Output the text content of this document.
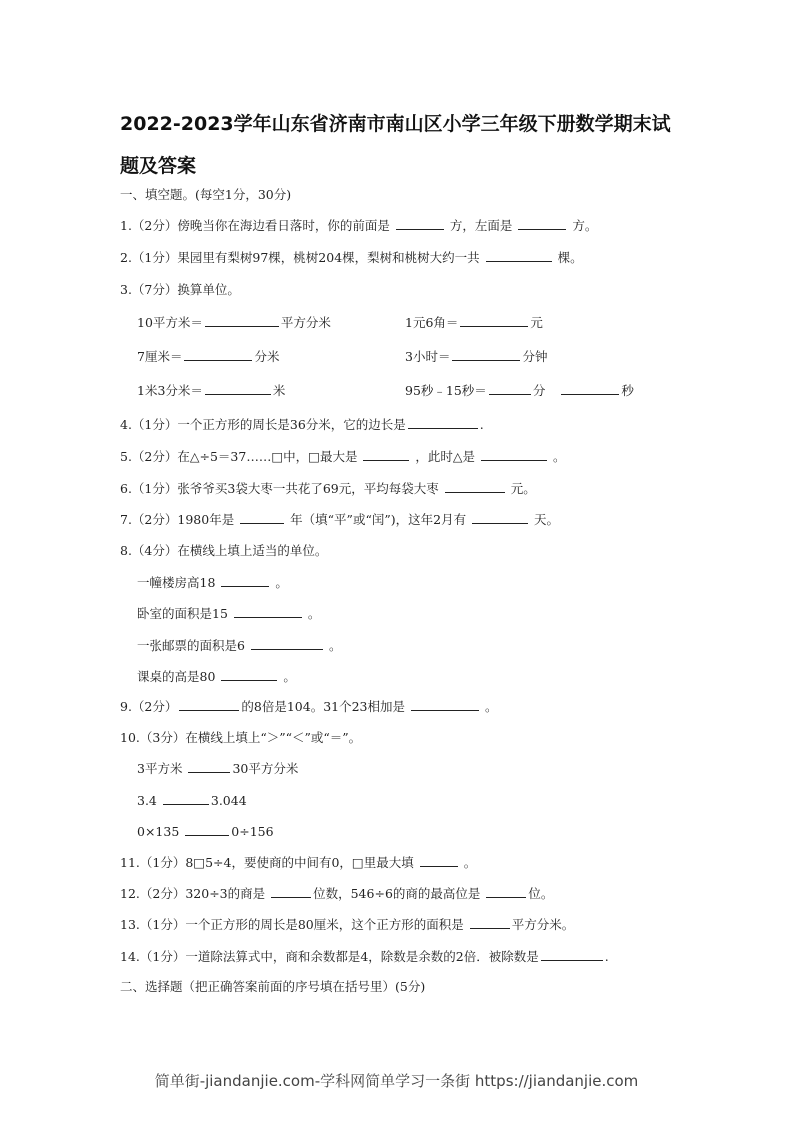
2022-2023学年山东省济南市南山区小学三年级下册数学期末试题及答案
一、填空题。(每空1分，30分)
1.（2分）傍晚当你在海边看日落时，你的前面是	方，左面是	方。
2.（1分）果园里有梨树97棵，桃树204棵，梨树和桃树大约一共	棵。
3.（7分）换算单位。
10平方米＝	平方分米	1元6角＝	元
7厘米＝	分米	3小时＝	分钟
1米3分米＝	米	95秒﹣15秒＝	分	秒
4.（1分）一个正方形的周长是36分米，它的边长是	.
5.（2分）在△÷5＝37……□中，□最大是	，此时△是	。
6.（1分）张爷爷买3袋大枣一共花了69元，平均每袋大枣	元。
7.（2分）1980年是	年（填“平”或“闰”)，这年2月有	天。
8.（4分）在横线上填上适当的单位。
一幢楼房高18	。
卧室的面积是15	。
一张邮票的面积是6	。
课桌的高是80	。
9.（2分）	的8倍是104。31个23相加是	。
10.（3分）在横线上填上“＞”“＜”或“＝”。
3平方米	30平方分米
3.4	3.044
0×135	0÷156
11.（1分）8□5÷4，要使商的中间有0，□里最大填	。
12.（2分）320÷3的商是	位数，546÷6的商的最高位是	位。
13.（1分）一个正方形的周长是80厘米，这个正方形的面积是	平方分米。
14.（1分）一道除法算式中，商和余数都是4，除数是余数的2倍．被除数是	.
二、选择题（把正确答案前面的序号填在括号里）(5分)
简单街-jiandanjie.com-学科网简单学习一条街 https://jiandanjie.com
